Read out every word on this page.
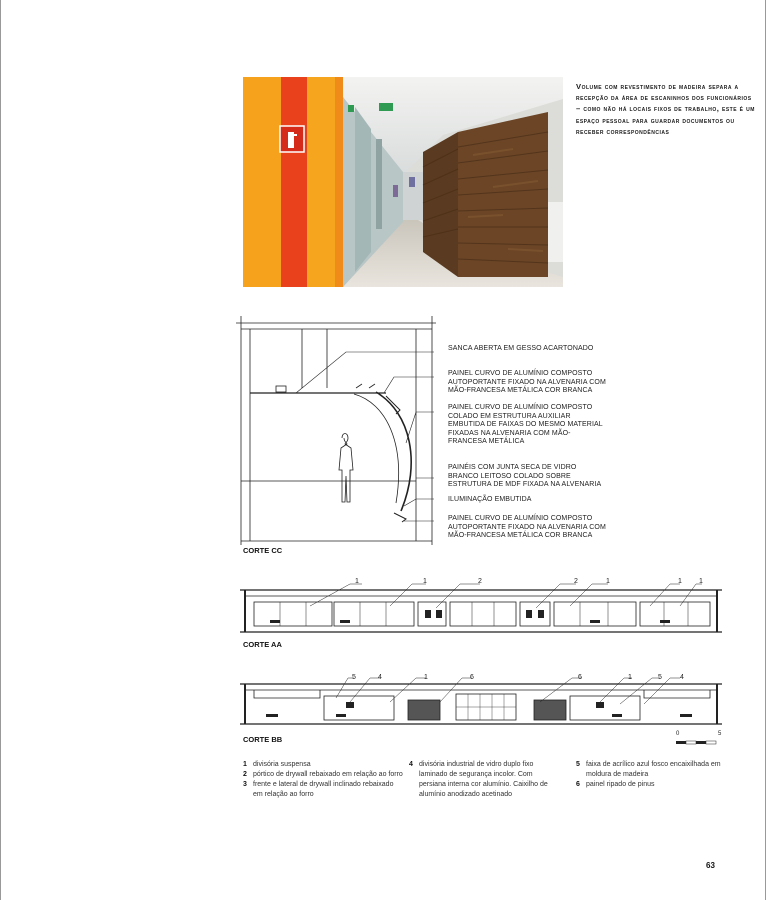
Volume com revestimento de madeira separa a recepção da área de escaninhos dos funcionários – como não há locais fixos de trabalho, este é um espaço pessoal para guardar documentos ou receber correspondências
SANCA ABERTA EM GESSO ACARTONADO
PAINEL CURVO DE ALUMÍNIO COMPOSTO AUTOPORTANTE FIXADO NA ALVENARIA COM MÃO-FRANCESA METÁLICA COR BRANCA
PAINEL CURVO DE ALUMÍNIO COMPOSTO COLADO EM ESTRUTURA AUXILIAR EMBUTIDA DE FAIXAS DO MESMO MATERIAL FIXADAS NA ALVENARIA COM MÃO-FRANCESA METÁLICA
PAINÉIS COM JUNTA SECA DE VIDRO BRANCO LEITOSO COLADO SOBRE ESTRUTURA DE MDF FIXADA NA ALVENARIA
ILUMINAÇÃO EMBUTIDA
PAINEL CURVO DE ALUMÍNIO COMPOSTO AUTOPORTANTE FIXADO NA ALVENARIA COM MÃO-FRANCESA METÁLICA COR BRANCA
CORTE CC
1	1	2	2	1	1 1
CORTE AA
5	4	1	6	6	1	5	4
CORTE BB
0	5
1 divisória suspensa
2 pórtico de drywall rebaixado em relação ao forro
3 frente e lateral de drywall inclinado rebaixado em relação ao forro
4 divisória industrial de vidro duplo fixo laminado de segurança incolor. Com persiana interna cor alumínio. Caixilho de alumínio anodizado acetinado
5 faixa de acrílico azul fosco encaixilhada em moldura de madeira
6 painel ripado de pinus
63
